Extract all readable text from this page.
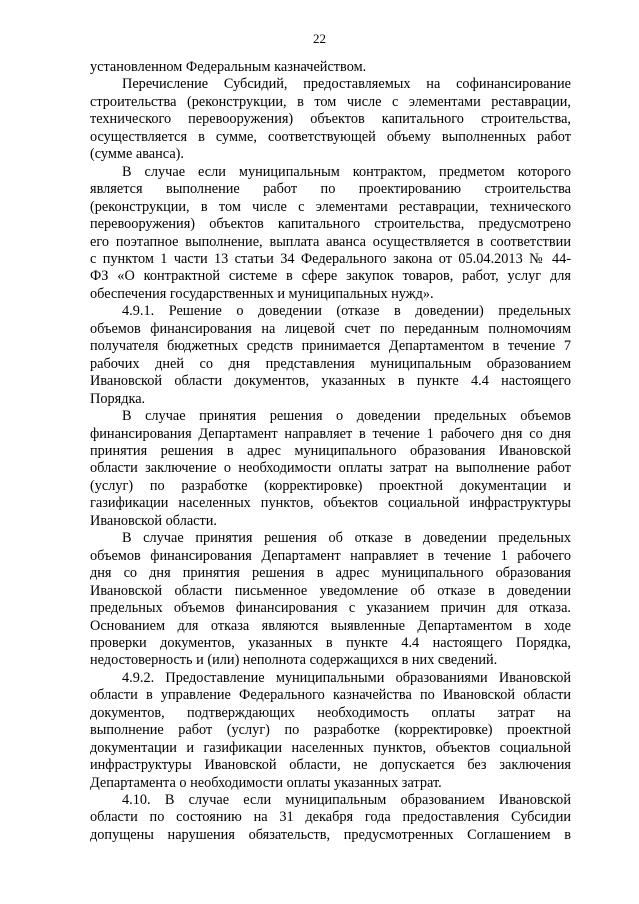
22
установленном Федеральным казначейством.
Перечисление Субсидий, предоставляемых на софинансирование
строительства (реконструкции, в том числе с элементами реставрации,
технического перевооружения) объектов капитального строительства,
осуществляется в сумме, соответствующей объему выполненных работ
(сумме аванса).
В случае если муниципальным контрактом, предметом которого
является выполнение работ по проектированию строительства
(реконструкции, в том числе с элементами реставрации, технического
перевооружения) объектов капитального строительства, предусмотрено
его поэтапное выполнение, выплата аванса осуществляется в соответствии
с пунктом 1 части 13 статьи 34 Федерального закона от 05.04.2013 № 44-
ФЗ «О контрактной системе в сфере закупок товаров, работ, услуг для
обеспечения государственных и муниципальных нужд».
4.9.1. Решение о доведении (отказе в доведении) предельных
объемов финансирования на лицевой счет по переданным полномочиям
получателя бюджетных средств принимается Департаментом в течение 7
рабочих дней со дня представления муниципальным образованием
Ивановской области документов, указанных в пункте 4.4 настоящего
Порядка.
В случае принятия решения о доведении предельных объемов
финансирования Департамент направляет в течение 1 рабочего дня со дня
принятия решения в адрес муниципального образования Ивановской
области заключение о необходимости оплаты затрат на выполнение работ
(услуг) по разработке (корректировке) проектной документации и
газификации населенных пунктов, объектов социальной инфраструктуры
Ивановской области.
В случае принятия решения об отказе в доведении предельных
объемов финансирования Департамент направляет в течение 1 рабочего
дня со дня принятия решения в адрес муниципального образования
Ивановской области письменное уведомление об отказе в доведении
предельных объемов финансирования с указанием причин для отказа.
Основанием для отказа являются выявленные Департаментом в ходе
проверки документов, указанных в пункте 4.4 настоящего Порядка,
недостоверность и (или) неполнота содержащихся в них сведений.
4.9.2. Предоставление муниципальными образованиями Ивановской
области в управление Федерального казначейства по Ивановской области
документов, подтверждающих необходимость оплаты затрат на
выполнение работ (услуг) по разработке (корректировке) проектной
документации и газификации населенных пунктов, объектов социальной
инфраструктуры Ивановской области, не допускается без заключения
Департамента о необходимости оплаты указанных затрат.
4.10. В случае если муниципальным образованием Ивановской
области по состоянию на 31 декабря года предоставления Субсидии
допущены нарушения обязательств, предусмотренных Соглашением в
